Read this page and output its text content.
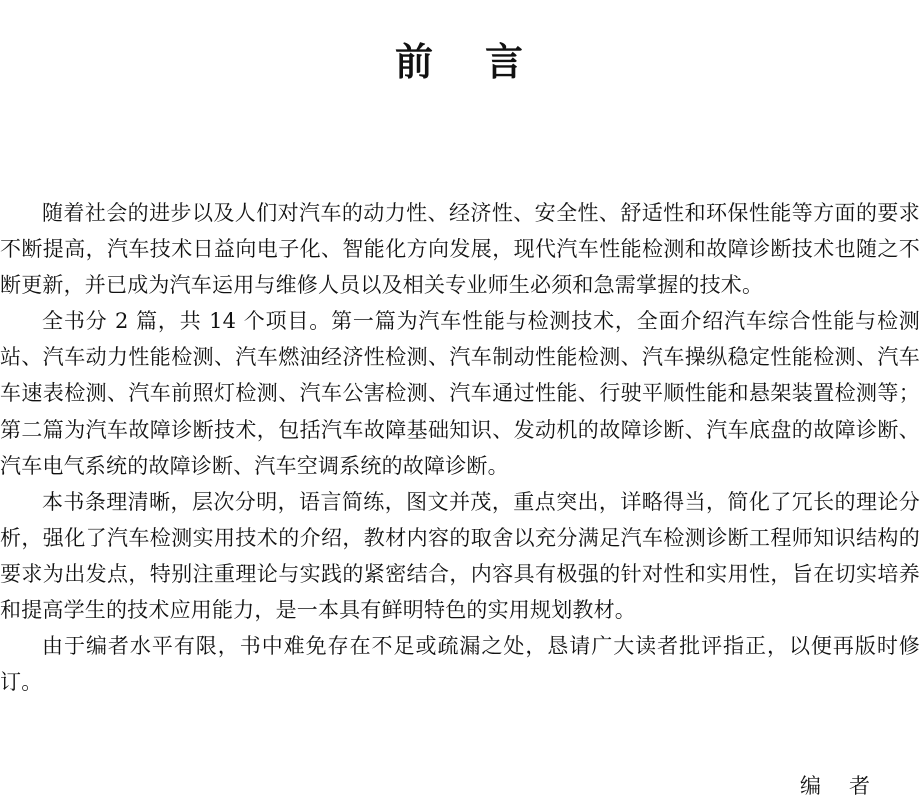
前 言

随着社会的进步以及人们对汽车的动力性、经济性、安全性、舒适性和环保性能等方面的要求不断提高，汽车技术日益向电子化、智能化方向发展，现代汽车性能检测和故障诊断技术也随之不断更新，并已成为汽车运用与维修人员以及相关专业师生必须和急需掌握的技术。

全书分 2 篇，共 14 个项目。第一篇为汽车性能与检测技术，全面介绍汽车综合性能与检测站、汽车动力性能检测、汽车燃油经济性检测、汽车制动性能检测、汽车操纵稳定性能检测、汽车车速表检测、汽车前照灯检测、汽车公害检测、汽车通过性能、行驶平顺性能和悬架装置检测等；第二篇为汽车故障诊断技术，包括汽车故障基础知识、发动机的故障诊断、汽车底盘的故障诊断、汽车电气系统的故障诊断、汽车空调系统的故障诊断。

本书条理清晰，层次分明，语言简练，图文并茂，重点突出，详略得当，简化了冗长的理论分析，强化了汽车检测实用技术的介绍，教材内容的取舍以充分满足汽车检测诊断工程师知识结构的要求为出发点，特别注重理论与实践的紧密结合，内容具有极强的针对性和实用性，旨在切实培养和提高学生的技术应用能力，是一本具有鲜明特色的实用规划教材。

由于编者水平有限，书中难免存在不足或疏漏之处，恳请广大读者批评指正，以便再版时修订。

编 者
